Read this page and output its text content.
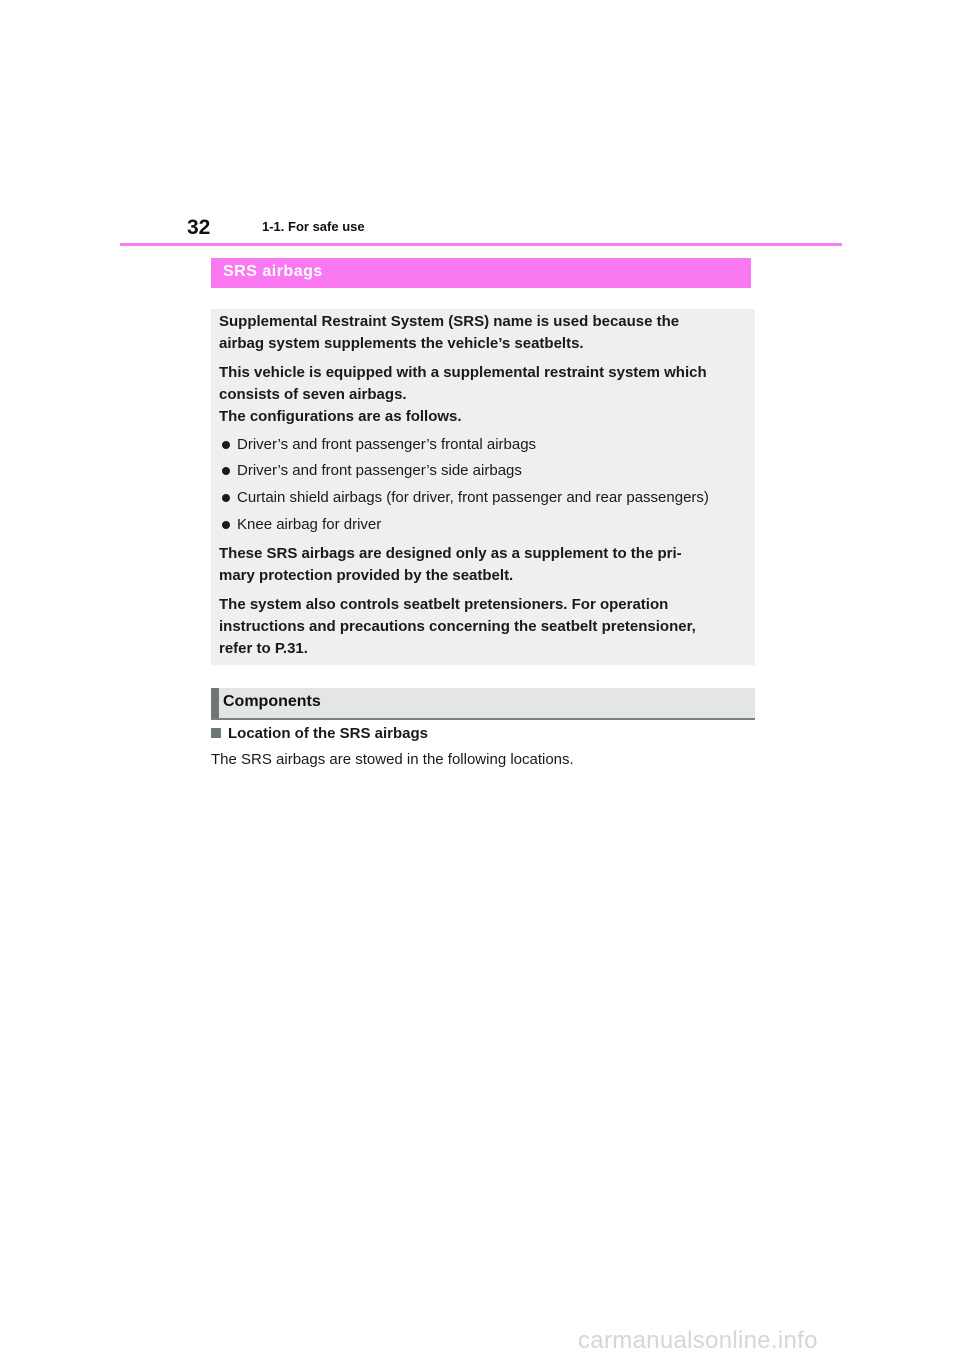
32	1-1. For safe use
SRS airbags

Supplemental Restraint System (SRS) name is used because the

airbag system supplements the vehicle’s seatbelts.

This vehicle is equipped with a supplemental restraint system which

consists of seven airbags.

The configurations are as follows.

Driver’s and front passenger’s frontal airbags
Driver’s and front passenger’s side airbags
Curtain shield airbags (for driver, front passenger and rear passengers)
Knee airbag for driver

These SRS airbags are designed only as a supplement to the pri-

mary protection provided by the seatbelt.

The system also controls seatbelt pretensioners. For operation

instructions and precautions concerning the seatbelt pretensioner,

refer to P.31.

Components
Location of the SRS airbags
The SRS airbags are stowed in the following locations.
carmanualsonline.info
